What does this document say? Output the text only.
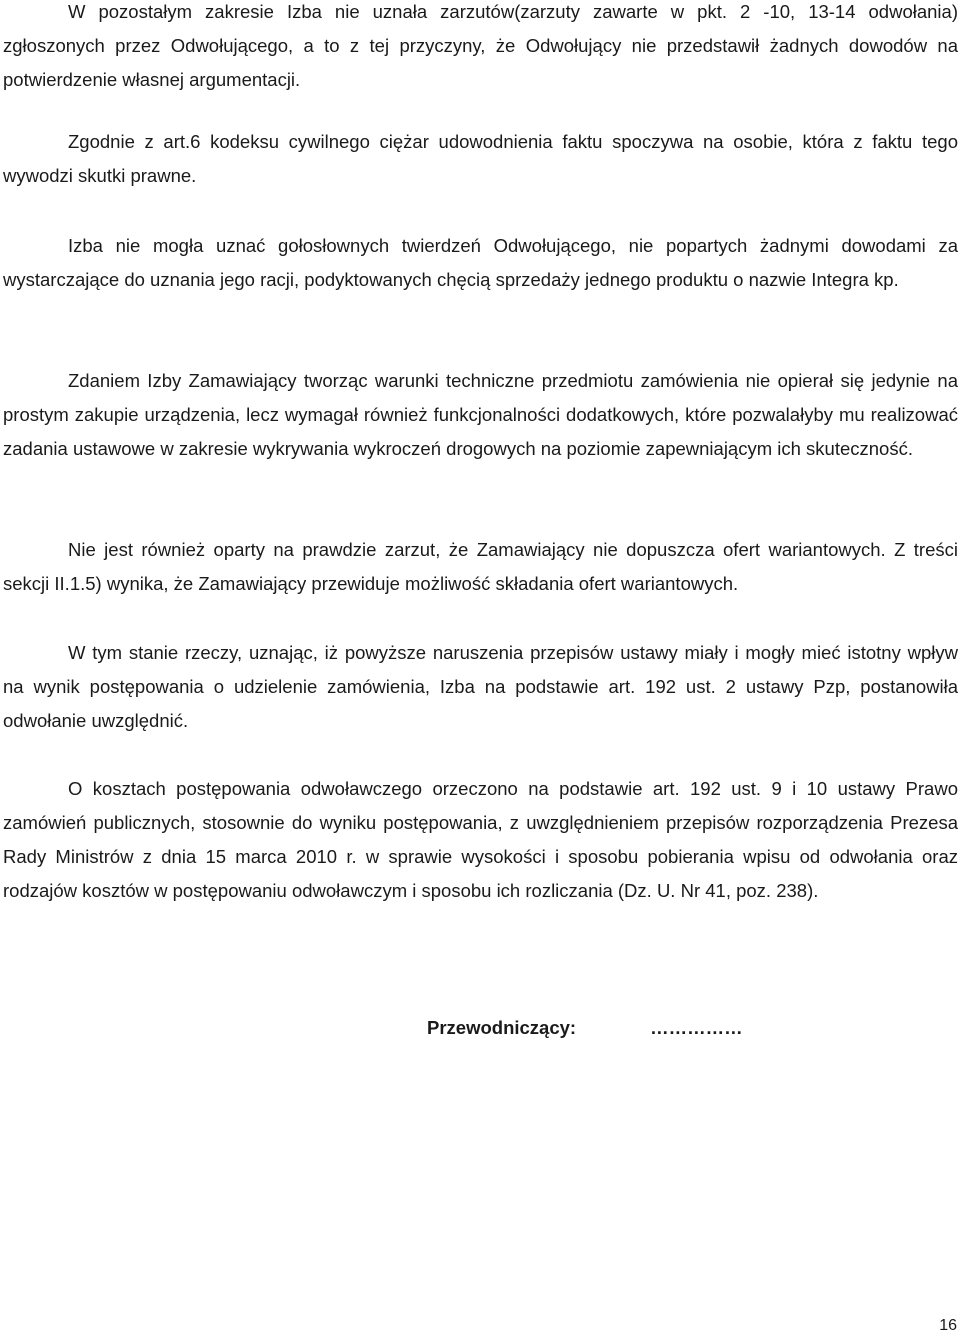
W pozostałym zakresie Izba nie uznała zarzutów(zarzuty zawarte w pkt. 2 -10, 13-14 odwołania) zgłoszonych przez Odwołującego, a to z tej przyczyny, że Odwołujący nie przedstawił żadnych dowodów na potwierdzenie własnej argumentacji.

Zgodnie z art.6 kodeksu cywilnego ciężar udowodnienia faktu spoczywa na osobie, która z faktu tego wywodzi skutki prawne.

Izba nie mogła uznać gołosłownych twierdzeń Odwołującego, nie popartych żadnymi dowodami za wystarczające do uznania jego racji, podyktowanych chęcią sprzedaży jednego produktu o nazwie Integra kp.

Zdaniem Izby Zamawiający tworząc warunki techniczne przedmiotu zamówienia nie opierał się jedynie na prostym zakupie urządzenia, lecz wymagał również funkcjonalności dodatkowych, które pozwalałyby mu realizować zadania ustawowe w zakresie wykrywania wykroczeń drogowych na poziomie zapewniającym ich skuteczność.

Nie jest również oparty na prawdzie zarzut, że Zamawiający nie dopuszcza ofert wariantowych. Z treści sekcji II.1.5) wynika, że Zamawiający przewiduje możliwość składania ofert wariantowych.

W tym stanie rzeczy, uznając, iż powyższe naruszenia przepisów ustawy miały i mogły mieć istotny wpływ na wynik postępowania o udzielenie zamówienia, Izba na podstawie art. 192 ust. 2 ustawy Pzp, postanowiła odwołanie uwzględnić.

O kosztach postępowania odwoławczego orzeczono na podstawie art. 192 ust. 9 i 10 ustawy Prawo zamówień publicznych, stosownie do wyniku postępowania, z uwzględnieniem przepisów rozporządzenia Prezesa Rady Ministrów z dnia 15 marca 2010 r. w sprawie wysokości i sposobu pobierania wpisu od odwołania oraz rodzajów kosztów w postępowaniu odwoławczym i sposobu ich rozliczania (Dz. U. Nr 41, poz. 238).

Przewodniczący:	……………
16
